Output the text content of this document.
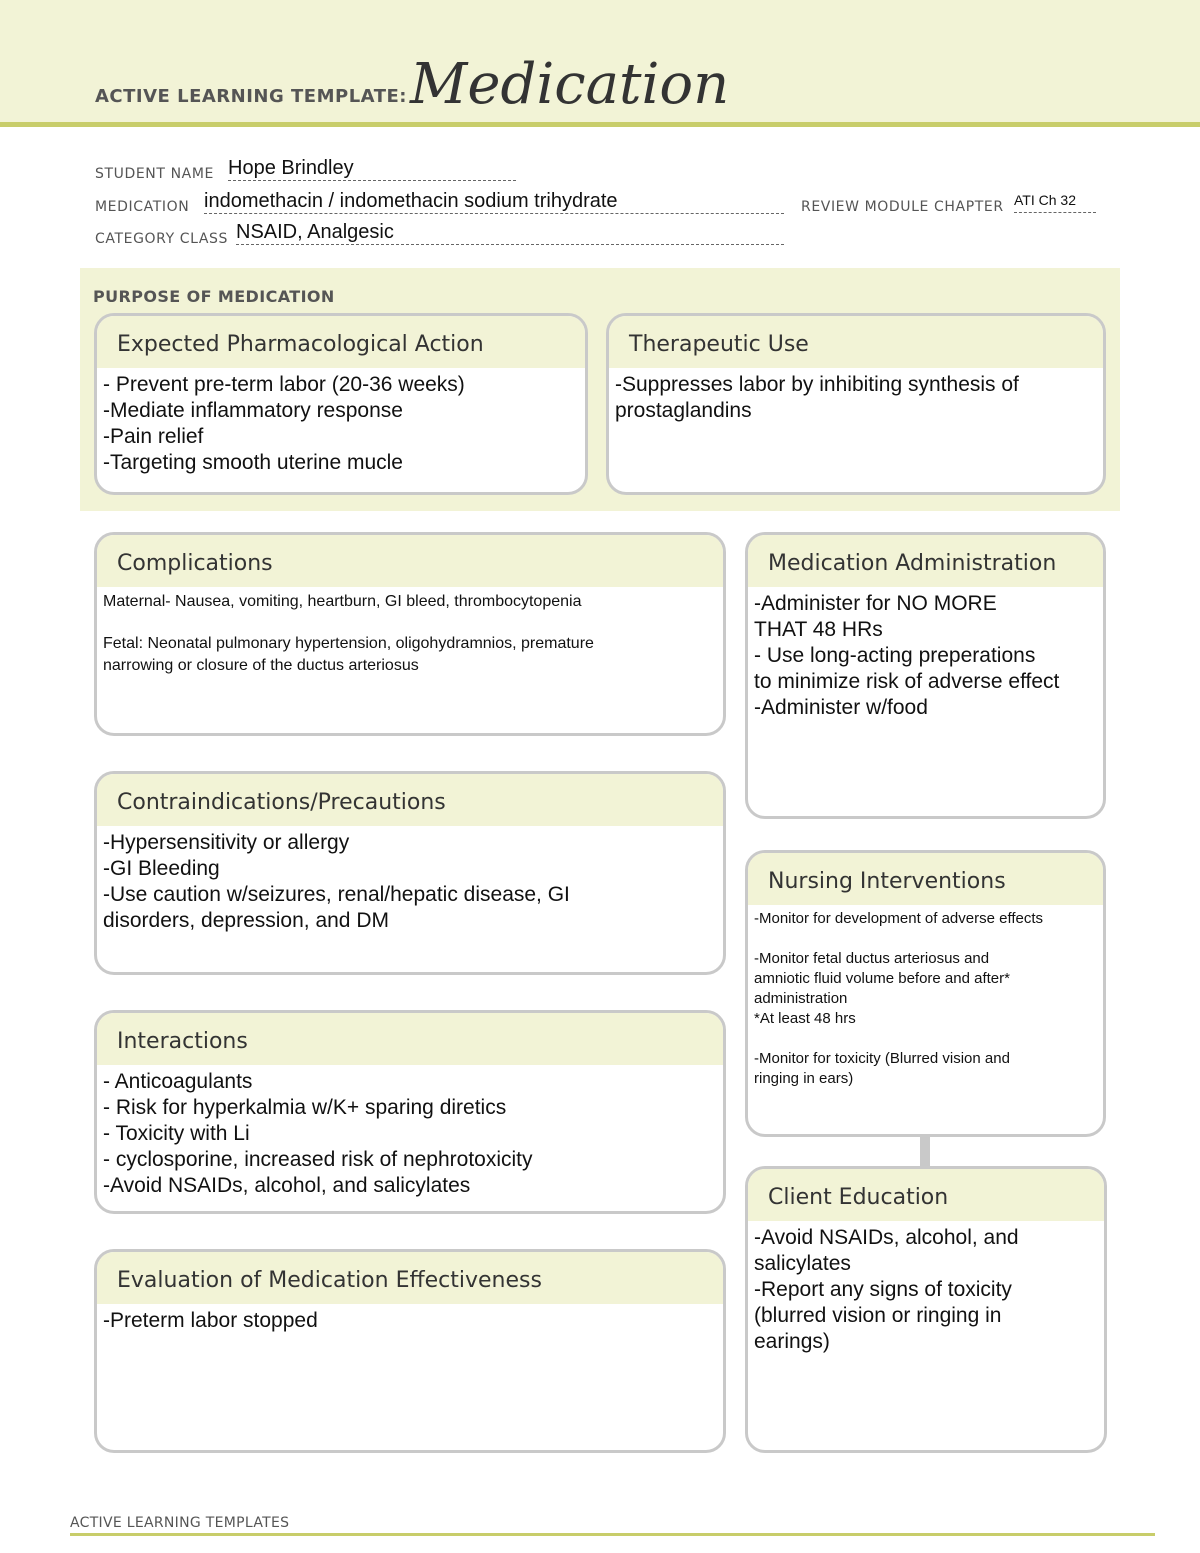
ACTIVE LEARNING TEMPLATE: Medication
STUDENT NAME Hope Brindley
MEDICATION indomethacin / indomethacin sodium trihydrate	REVIEW MODULE CHAPTER ATI Ch 32
CATEGORY CLASS NSAID, Analgesic
PURPOSE OF MEDICATION
Expected Pharmacological Action
- Prevent pre-term labor (20-36 weeks)
-Mediate inflammatory response
-Pain relief
-Targeting smooth uterine mucle
Therapeutic Use
-Suppresses labor by inhibiting synthesis of
prostaglandins
Complications
Maternal- Nausea, vomiting, heartburn, GI bleed, thrombocytopenia
Fetal: Neonatal pulmonary hypertension, oligohydramnios, premature
narrowing or closure of the ductus arteriosus
Medication Administration
-Administer for NO MORE
THAT 48 HRs
- Use long-acting preperations
to minimize risk of adverse effect
-Administer w/food
Contraindications/Precautions
-Hypersensitivity or allergy
-GI Bleeding
-Use caution w/seizures, renal/hepatic disease, GI
disorders, depression, and DM
Nursing Interventions
-Monitor for development of adverse effects
-Monitor fetal ductus arteriosus and
amniotic fluid volume before and after*
administration
*At least 48 hrs
-Monitor for toxicity (Blurred vision and
ringing in ears)
Interactions
- Anticoagulants
- Risk for hyperkalmia w/K+ sparing diretics
- Toxicity with Li
- cyclosporine, increased risk of nephrotoxicity
-Avoid NSAIDs, alcohol, and salicylates	Client Education
-Avoid NSAIDs, alcohol, and
salicylates
-Report any signs of toxicity
(blurred vision or ringing in
earings)
Evaluation of Medication Effectiveness
-Preterm labor stopped
ACTIVE LEARNING TEMPLATES
